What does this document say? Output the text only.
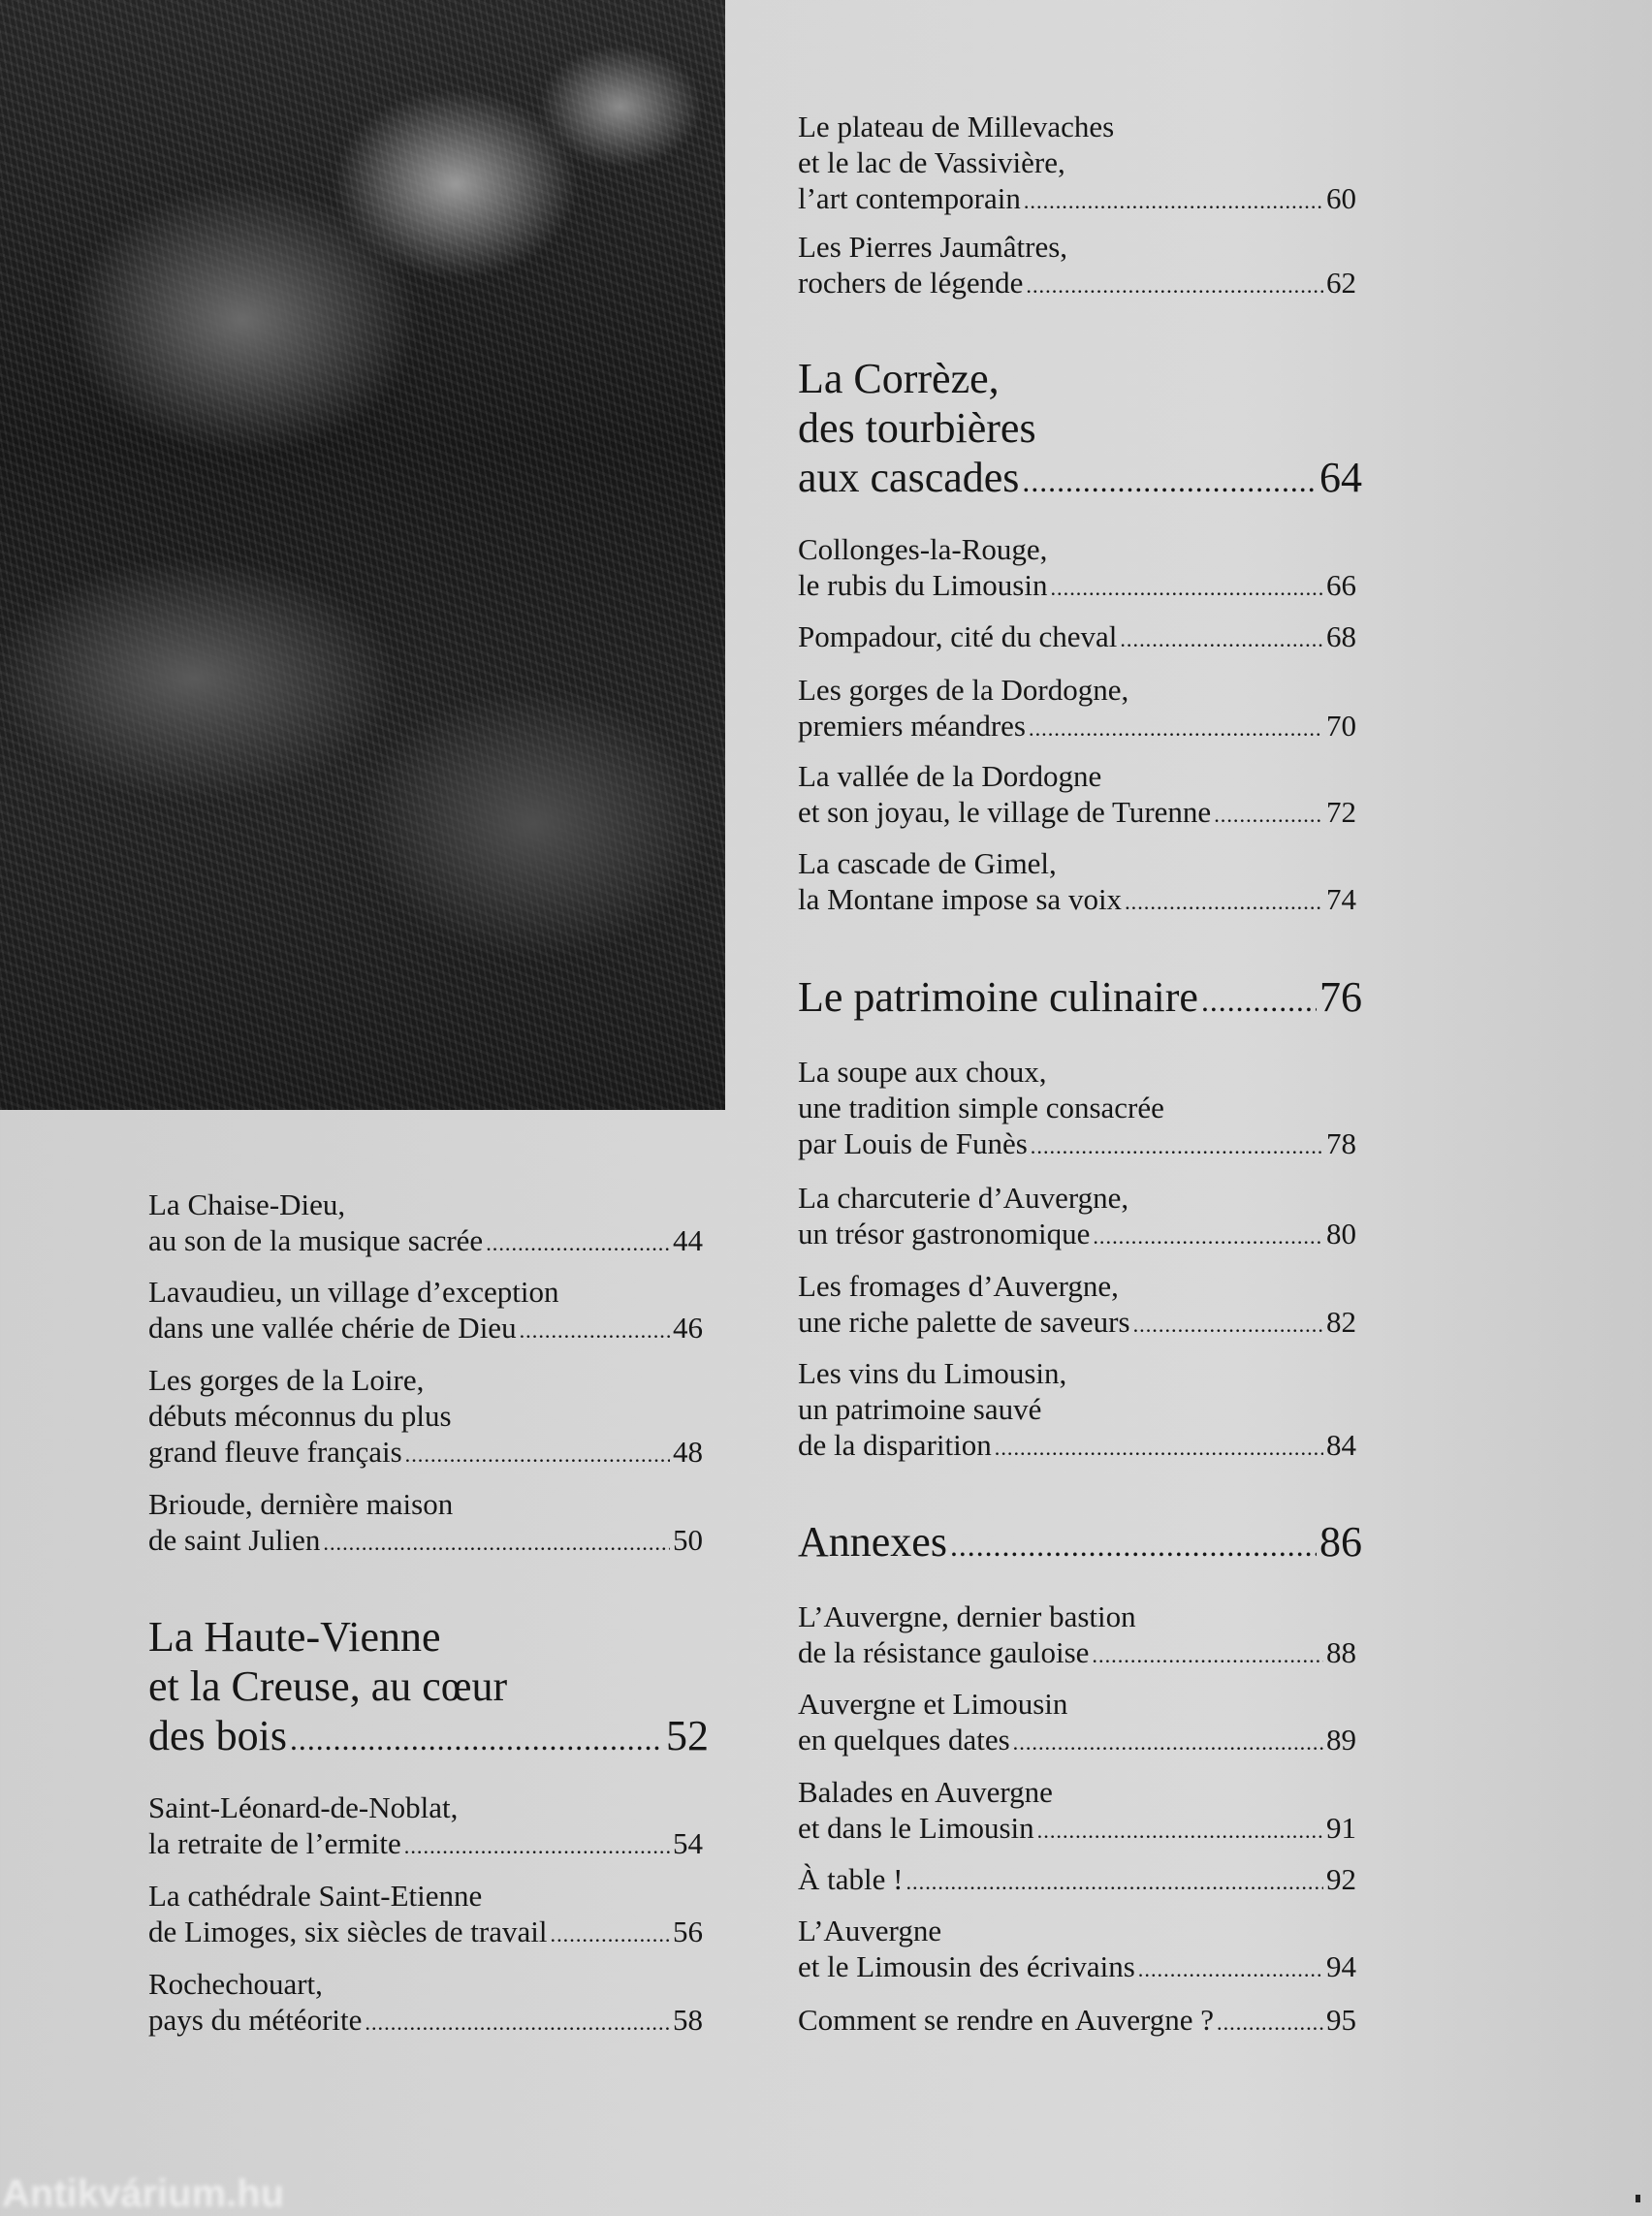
La Chaise-Dieu,
au son de la musique sacrée .....	44
Lavaudieu, un village d’exception
dans une vallée chérie de Dieu .....	46
Les gorges de la Loire,
débuts méconnus du plus
grand fleuve français .....	48
Brioude, dernière maison
de saint Julien .....	50
La Haute-Vienne
et la Creuse, au cœur
des bois .....	52
Saint-Léonard-de-Noblat,
la retraite de l’ermite .....	54
La cathédrale Saint-Etienne
de Limoges, six siècles de travail .....	56
Rochechouart,
pays du météorite .....	58
Le plateau de Millevaches
et le lac de Vassivière,
l’art contemporain .....	60
Les Pierres Jaumâtres,
rochers de légende .....	62
La Corrèze,
des tourbières
aux cascades .....	64
Collonges-la-Rouge,
le rubis du Limousin .....	66
Pompadour, cité du cheval .....	68
Les gorges de la Dordogne,
premiers méandres .....	70
La vallée de la Dordogne
et son joyau, le village de Turenne .....	72
La cascade de Gimel,
la Montane impose sa voix .....	74
Le patrimoine culinaire .....	76
La soupe aux choux,
une tradition simple consacrée
par Louis de Funès .....	78
La charcuterie d’Auvergne,
un trésor gastronomique .....	80
Les fromages d’Auvergne,
une riche palette de saveurs .....	82
Les vins du Limousin,
un patrimoine sauvé
de la disparition .....	84
Annexes .....	86
L’Auvergne, dernier bastion
de la résistance gauloise .....	88
Auvergne et Limousin
en quelques dates .....	89
Balades en Auvergne
et dans le Limousin .....	91
À table ! .....	92
L’Auvergne
et le Limousin des écrivains .....	94
Comment se rendre en Auvergne ? .....	95
Antikvárium.hu
